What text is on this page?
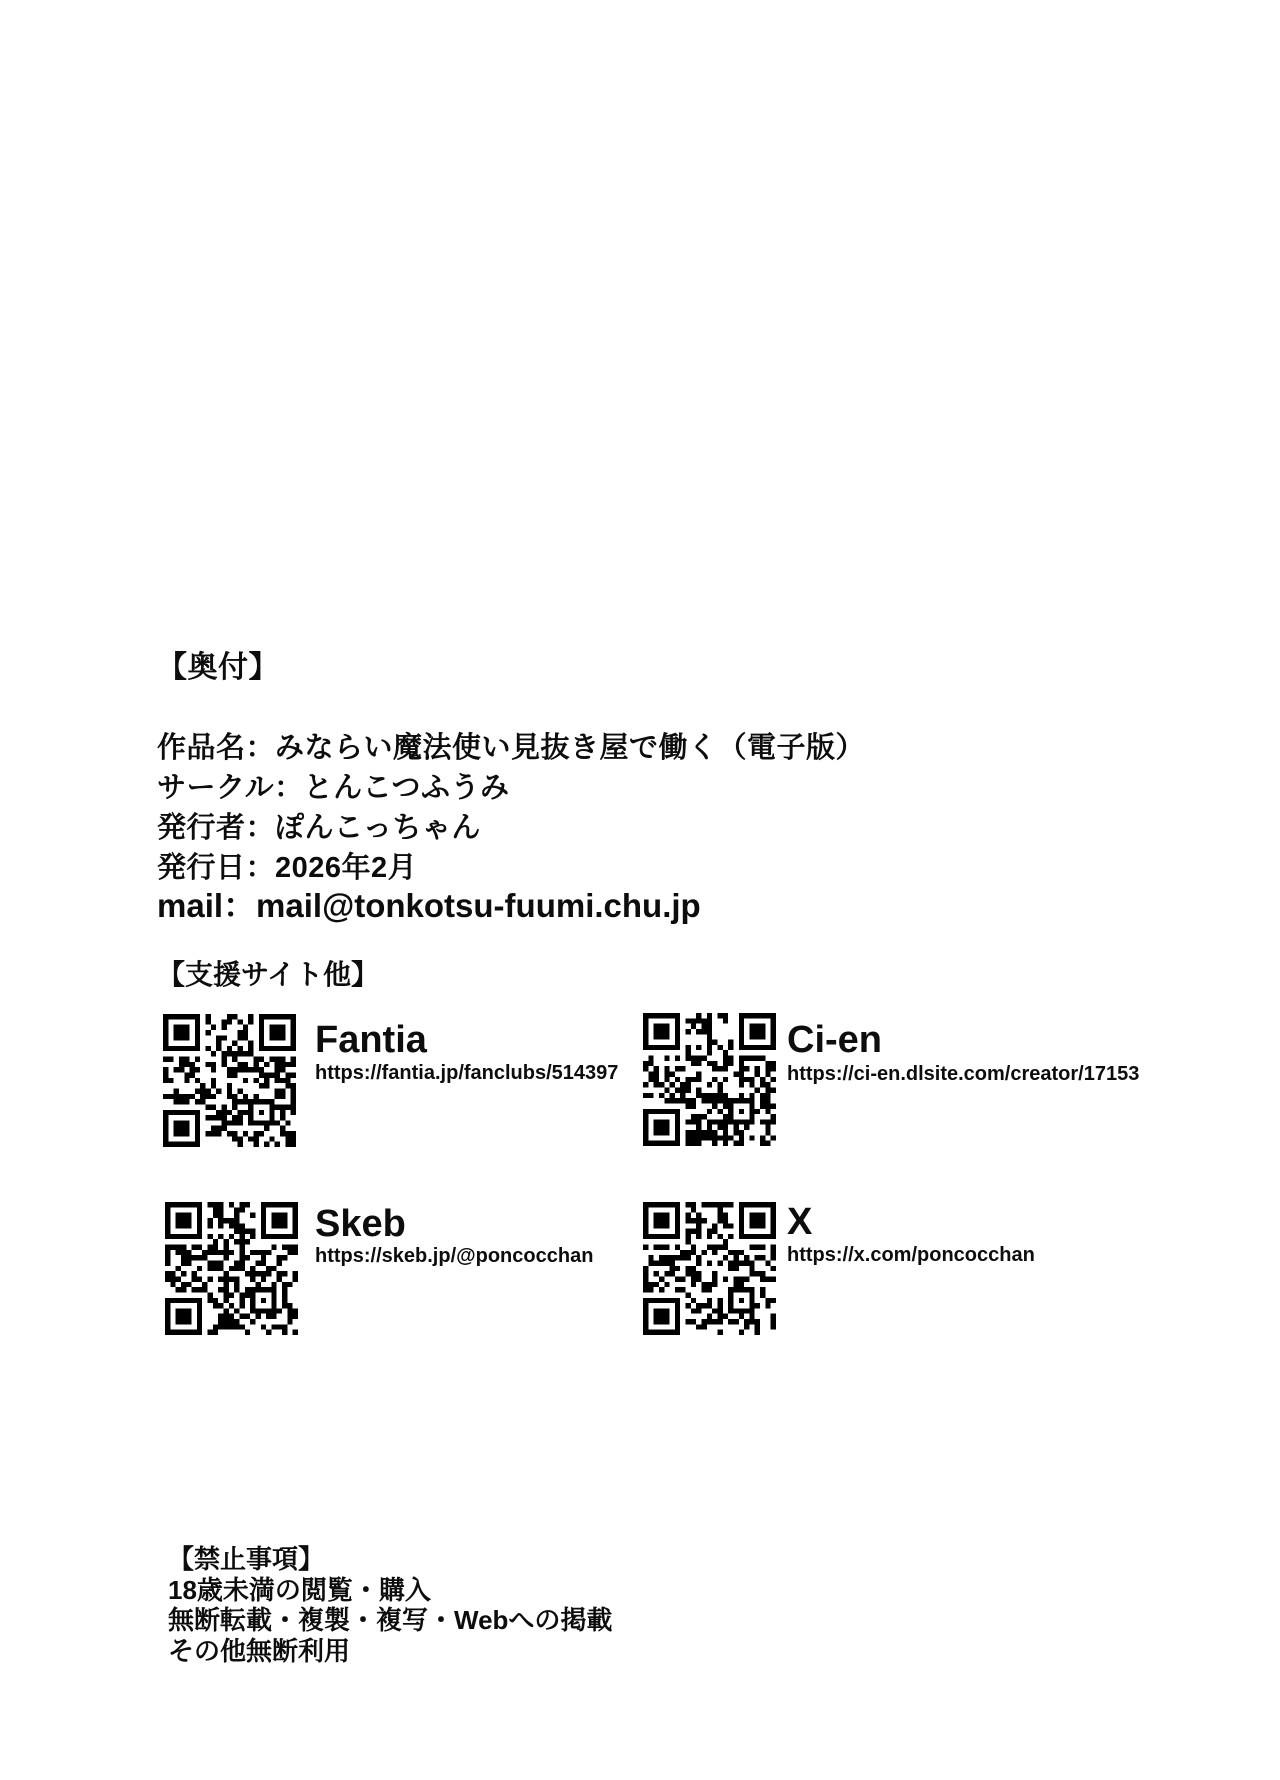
【奥付】
作品名：みならい魔法使い見抜き屋で働く（電子版）
サークル：とんこつふうみ
発行者：ぽんこっちゃん
発行日：2026年2月
mail：mail@tonkotsu-fuumi.chu.jp
【支援サイト他】
Fantia
https://fantia.jp/fanclubs/514397
Ci-en
https://ci-en.dlsite.com/creator/17153
Skeb
https://skeb.jp/@poncocchan
X
https://x.com/poncocchan
【禁止事項】
18歳未満の閲覧・購入
無断転載・複製・複写・Webへの掲載
その他無断利用
